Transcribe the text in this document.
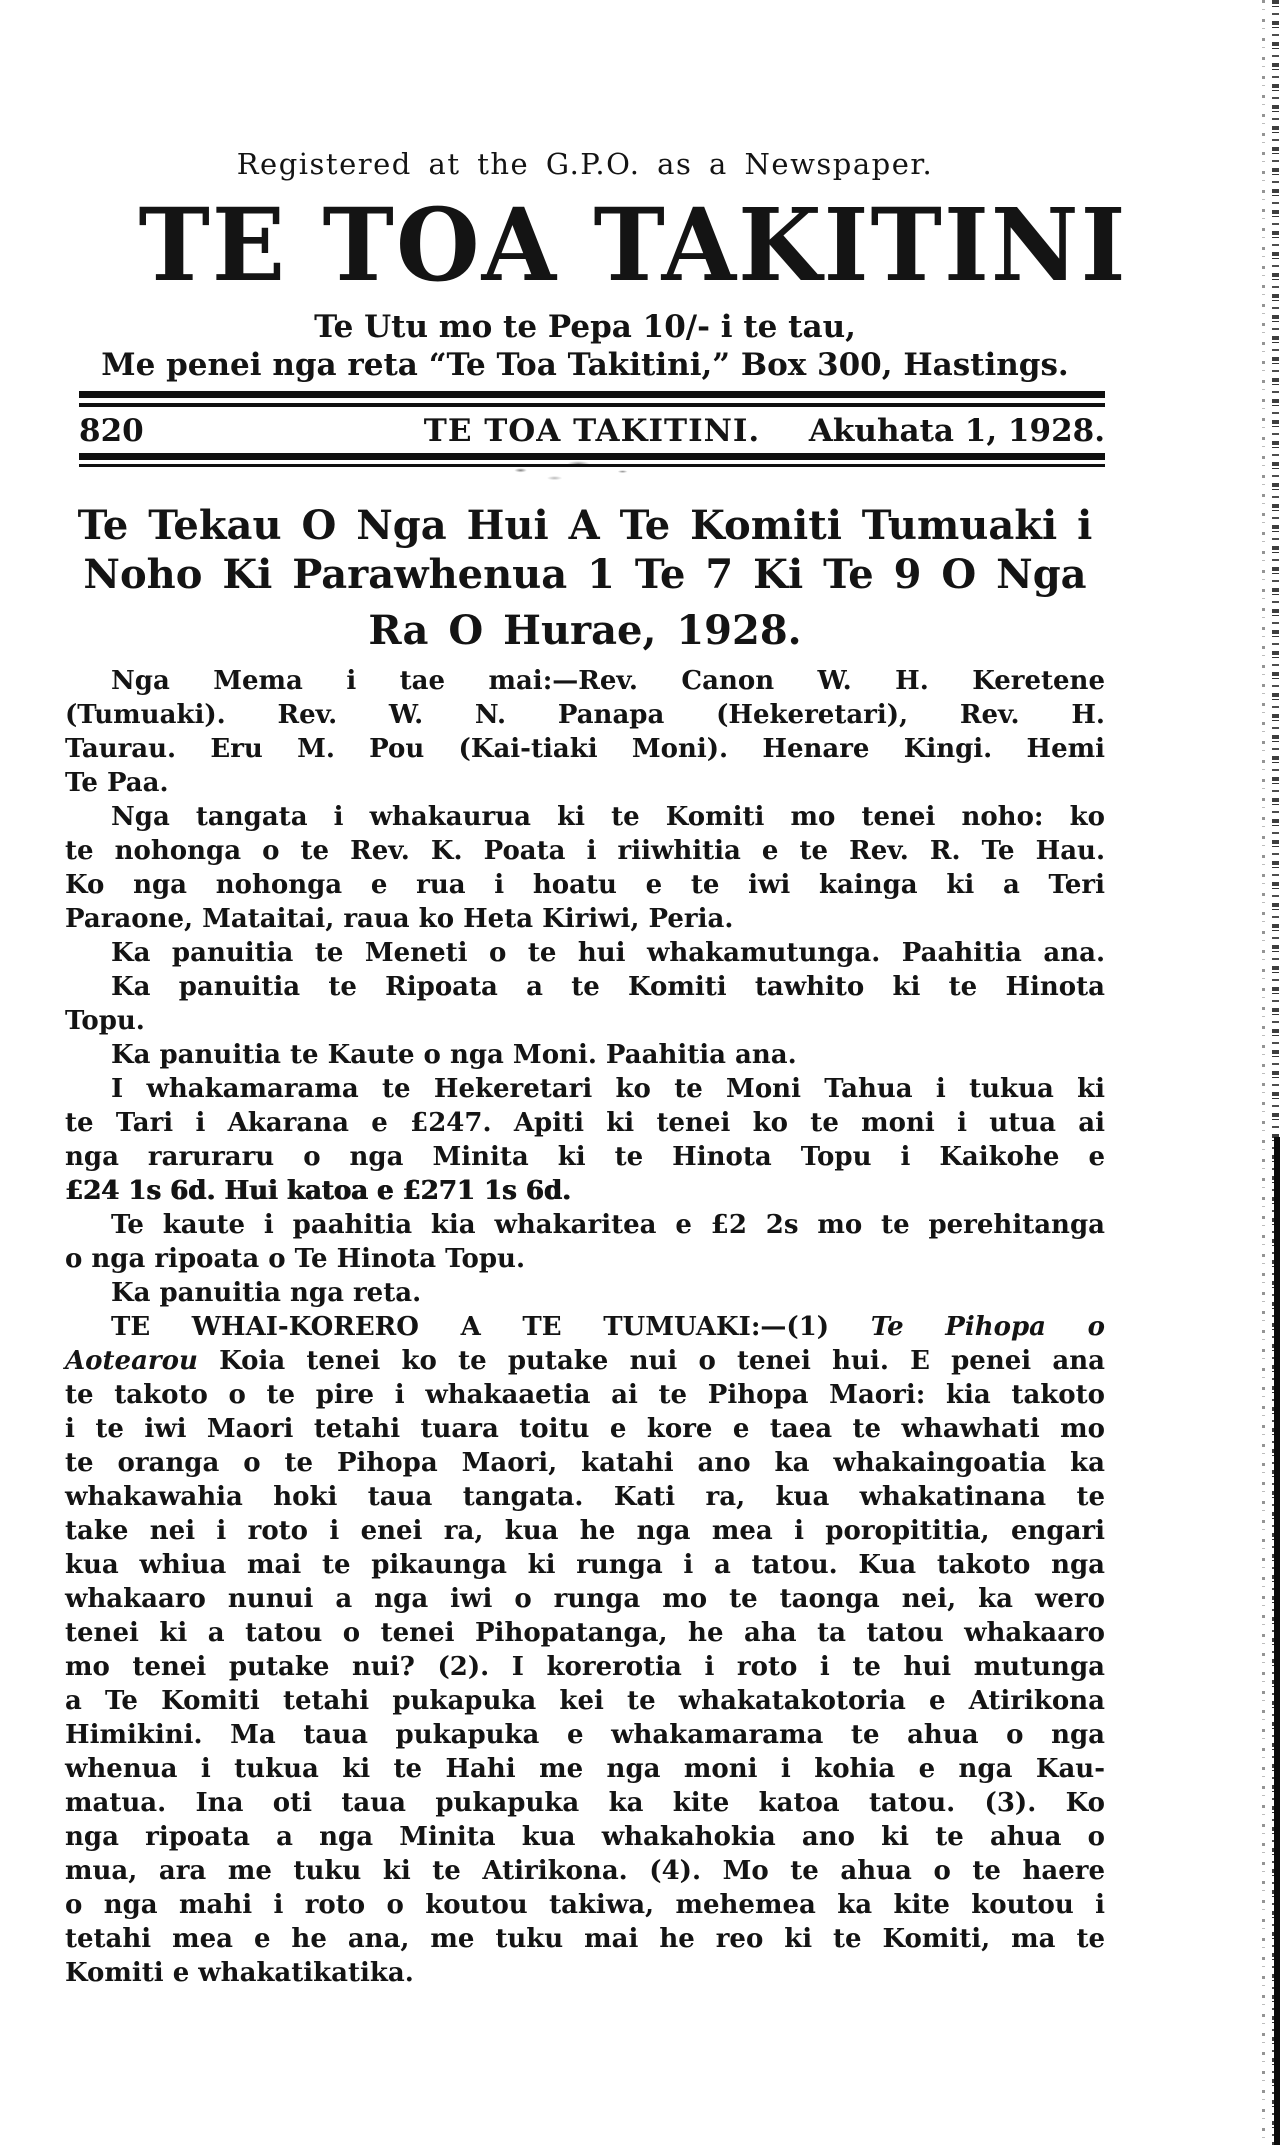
Registered at the G.P.O. as a Newspaper.
TE TOA TAKITINI
Te Utu mo te Pepa 10/- i te tau,
Me penei nga reta “Te Toa Takitini,” Box 300, Hastings.
820	TE TOA TAKITINI.	Akuhata 1, 1928.
Te Tekau O Nga Hui A Te Komiti Tumuaki i
Noho Ki Parawhenua 1 Te 7 Ki Te 9 O Nga
Ra O Hurae, 1928.
Nga Mema i tae mai:—Rev. Canon W. H. Keretene
(Tumuaki). Rev. W. N. Panapa (Hekeretari), Rev. H.
Taurau. Eru M. Pou (Kai-tiaki Moni). Henare Kingi. Hemi
Te Paa.
Nga tangata i whakaurua ki te Komiti mo tenei noho: ko
te nohonga o te Rev. K. Poata i riiwhitia e te Rev. R. Te Hau.
Ko nga nohonga e rua i hoatu e te iwi kainga ki a Teri
Paraone, Mataitai, raua ko Heta Kiriwi, Peria.
Ka panuitia te Meneti o te hui whakamutunga. Paahitia ana.
Ka panuitia te Ripoata a te Komiti tawhito ki te Hinota
Topu.
Ka panuitia te Kaute o nga Moni. Paahitia ana.
I whakamarama te Hekeretari ko te Moni Tahua i tukua ki
te Tari i Akarana e £247. Apiti ki tenei ko te moni i utua ai
nga raruraru o nga Minita ki te Hinota Topu i Kaikohe e
£24 1s 6d. Hui katoa e £271 1s 6d.
Te kaute i paahitia kia whakaritea e £2 2s mo te perehitanga
o nga ripoata o Te Hinota Topu.
Ka panuitia nga reta.
TE WHAI-KORERO A TE TUMUAKI:—(1) Te Pihopa o
Aotearou Koia tenei ko te putake nui o tenei hui. E penei ana
te takoto o te pire i whakaaetia ai te Pihopa Maori: kia takoto
i te iwi Maori tetahi tuara toitu e kore e taea te whawhati mo
te oranga o te Pihopa Maori, katahi ano ka whakaingoatia ka
whakawahia hoki taua tangata. Kati ra, kua whakatinana te
take nei i roto i enei ra, kua he nga mea i poropititia, engari
kua whiua mai te pikaunga ki runga i a tatou. Kua takoto nga
whakaaro nunui a nga iwi o runga mo te taonga nei, ka wero
tenei ki a tatou o tenei Pihopatanga, he aha ta tatou whakaaro
mo tenei putake nui? (2). I korerotia i roto i te hui mutunga
a Te Komiti tetahi pukapuka kei te whakatakotoria e Atirikona
Himikini. Ma taua pukapuka e whakamarama te ahua o nga
whenua i tukua ki te Hahi me nga moni i kohia e nga Kau-
matua. Ina oti taua pukapuka ka kite katoa tatou. (3). Ko
nga ripoata a nga Minita kua whakahokia ano ki te ahua o
mua, ara me tuku ki te Atirikona. (4). Mo te ahua o te haere
o nga mahi i roto o koutou takiwa, mehemea ka kite koutou i
tetahi mea e he ana, me tuku mai he reo ki te Komiti, ma te
Komiti e whakatikatika.
